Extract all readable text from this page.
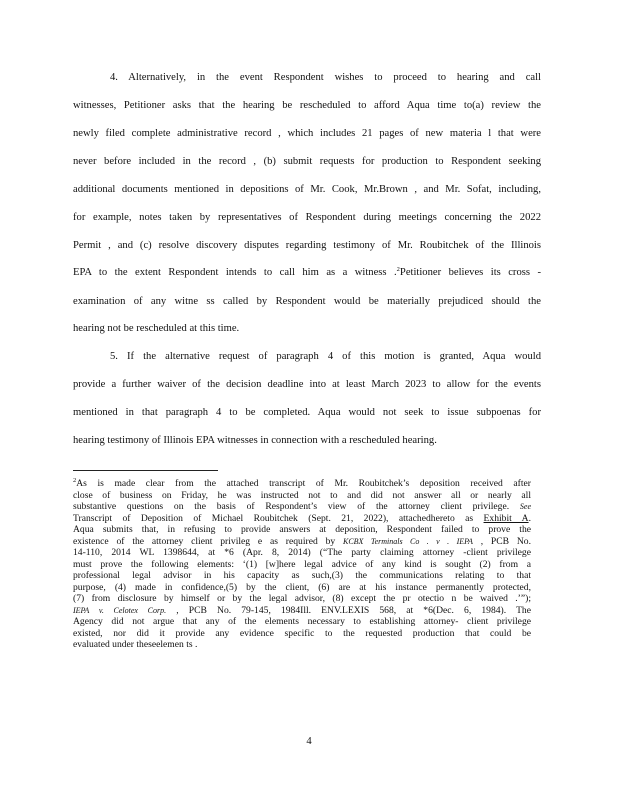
4. Alternatively, in the event Respondent wishes to proceed to hearing and call
witnesses, Petitioner asks that the hearing be rescheduled to afford Aqua time to(a) review the
newly filed complete administrative record , which includes 21 pages of new materia l that were
never before included in the record , (b) submit requests for production to Respondent seeking
additional documents mentioned in depositions of Mr. Cook, Mr.Brown , and Mr. Sofat, including,
for example, notes taken by representatives of Respondent during meetings concerning the 2022
Permit , and (c) resolve discovery disputes regarding testimony of Mr. Roubitchek of the Illinois
EPA to the extent Respondent intends to call him as a witness .$^2$Petitioner believes its cross -
examination of any witne ss called by Respondent would be materially prejudiced should the
hearing not be rescheduled at this time.
5. If the alternative request of paragraph 4 of this motion is granted, Aqua would
provide a further waiver of the decision deadline into at least March 2023 to allow for the events
mentioned in that paragraph 4 to be completed. Aqua would not seek to issue subpoenas for
hearing testimony of Illinois EPA witnesses in connection with a rescheduled hearing.
$^2$As is made clear from the attached transcript of Mr. Roubitchek’s deposition received after
close of business on Friday, he was instructed not to and did not answer all or nearly all
substantive questions on the basis of Respondent’s view of the attorney client privilege. See
Transcript of Deposition of Michael Roubitchek (Sept. 21, 2022), attachedhereto as Exhibit A.
Aqua submits that, in refusing to provide answers at deposition, Respondent failed to prove the
existence of the attorney client privileg e as required by KCBX Terminals Co . v . IEPA , PCB No.
14-110, 2014 WL 1398644, at *6 (Apr. 8, 2014) (“The party claiming attorney -client privilege
must prove the following elements: ‘(1) [w]here legal advice of any kind is sought (2) from a
professional legal advisor in his capacity as such,(3) the communications relating to that
purpose, (4) made in confidence,(5) by the client, (6) are at his instance permanently protected,
(7) from disclosure by himself or by the legal advisor, (8) except the pr otectio n be waived .’”);
IEPA v. Celotex Corp. , PCB No. 79-145, 1984Ill. ENV.LEXIS 568, at *6(Dec. 6, 1984). The
Agency did not argue that any of the elements necessary to establishing attorney- client privilege
existed, nor did it provide any evidence specific to the requested production that could be
evaluated under theseelemen ts .
4
